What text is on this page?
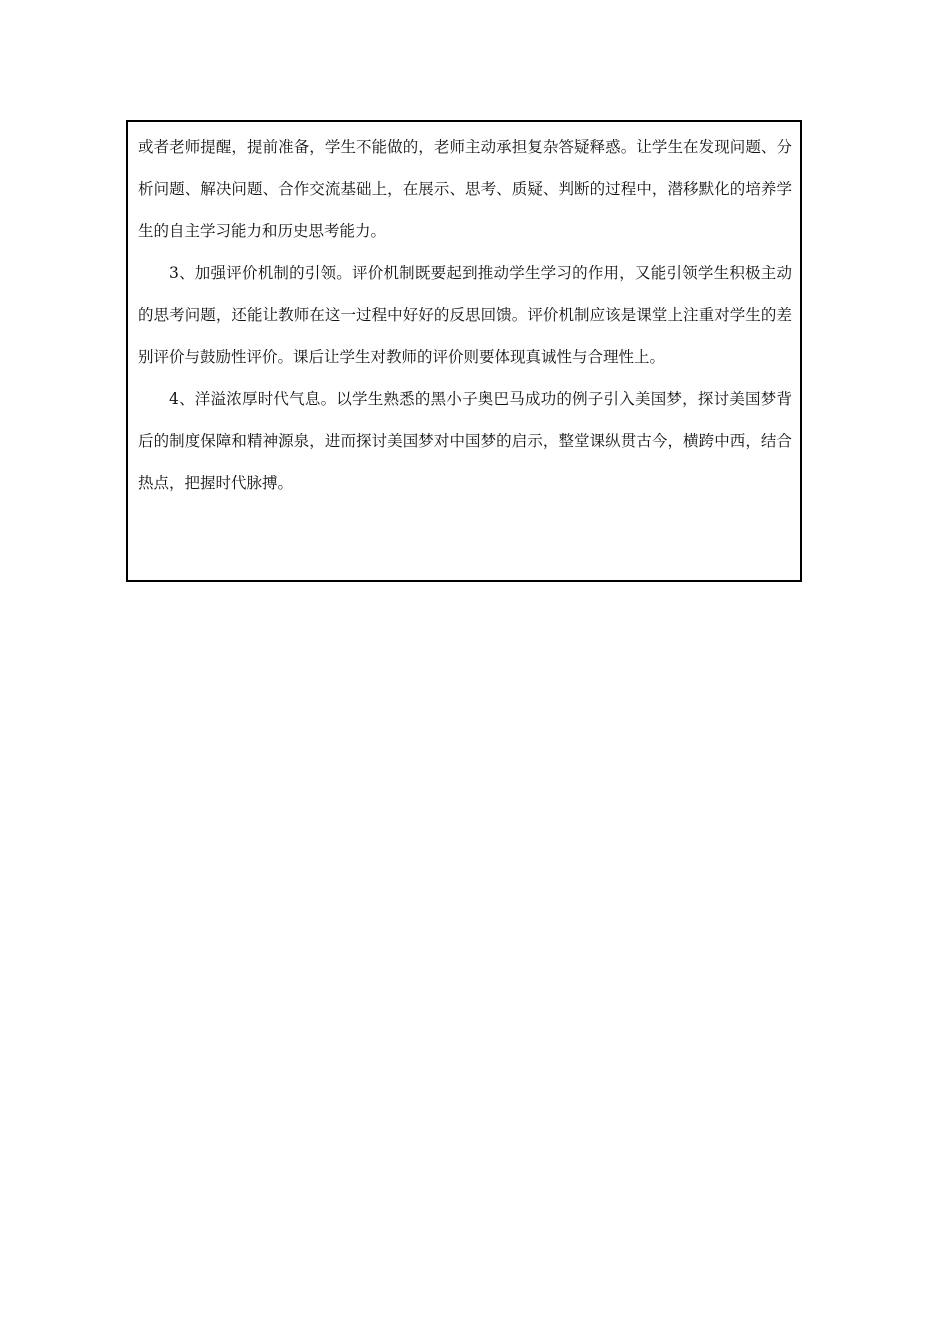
或者老师提醒，提前准备，学生不能做的，老师主动承担复杂答疑释惑。让学生在发现问题、分析问题、解决问题、合作交流基础上，在展示、思考、质疑、判断的过程中，潜移默化的培养学生的自主学习能力和历史思考能力。

3、加强评价机制的引领。评价机制既要起到推动学生学习的作用，又能引领学生积极主动的思考问题，还能让教师在这一过程中好好的反思回馈。评价机制应该是课堂上注重对学生的差别评价与鼓励性评价。课后让学生对教师的评价则要体现真诚性与合理性上。

4、洋溢浓厚时代气息。以学生熟悉的黑小子奥巴马成功的例子引入美国梦，探讨美国梦背后的制度保障和精神源泉，进而探讨美国梦对中国梦的启示，整堂课纵贯古今，横跨中西，结合热点，把握时代脉搏。
